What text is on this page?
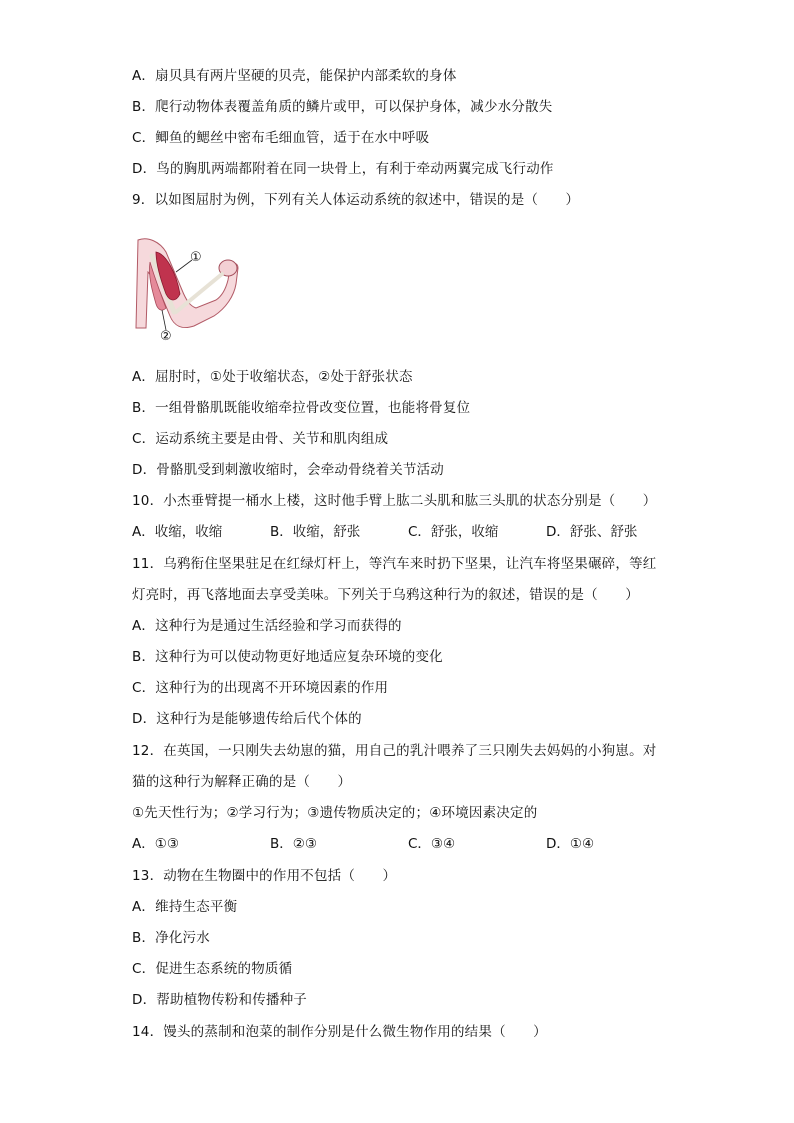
A．扇贝具有两片坚硬的贝壳，能保护内部柔软的身体
B．爬行动物体表覆盖角质的鳞片或甲，可以保护身体，减少水分散失
C．鲫鱼的鳃丝中密布毛细血管，适于在水中呼吸
D．鸟的胸肌两端都附着在同一块骨上，有利于牵动两翼完成飞行动作
9．以如图屈肘为例，下列有关人体运动系统的叙述中，错误的是（　　）
①
②
A．屈肘时，①处于收缩状态，②处于舒张状态
B．一组骨骼肌既能收缩牵拉骨改变位置，也能将骨复位
C．运动系统主要是由骨、关节和肌肉组成
D．骨骼肌受到刺激收缩时，会牵动骨绕着关节活动
10．小杰垂臂提一桶水上楼，这时他手臂上肱二头肌和肱三头肌的状态分别是（　　）
A．收缩，收缩	B．收缩，舒张	C．舒张，收缩	D．舒张、舒张
11．乌鸦衔住坚果驻足在红绿灯杆上，等汽车来时扔下坚果，让汽车将坚果碾碎，等红
灯亮时，再飞落地面去享受美味。下列关于乌鸦这种行为的叙述，错误的是（　　）
A．这种行为是通过生活经验和学习而获得的
B．这种行为可以使动物更好地适应复杂环境的变化
C．这种行为的出现离不开环境因素的作用
D．这种行为是能够遗传给后代个体的
12．在英国，一只刚失去幼崽的猫，用自己的乳汁喂养了三只刚失去妈妈的小狗崽。对
猫的这种行为解释正确的是（　　）
①先天性行为；②学习行为；③遗传物质决定的；④环境因素决定的
A．①③	B．②③	C．③④	D．①④
13．动物在生物圈中的作用不包括（　　）
A．维持生态平衡
B．净化污水
C．促进生态系统的物质循
D．帮助植物传粉和传播种子
14．馒头的蒸制和泡菜的制作分别是什么微生物作用的结果（　　）
